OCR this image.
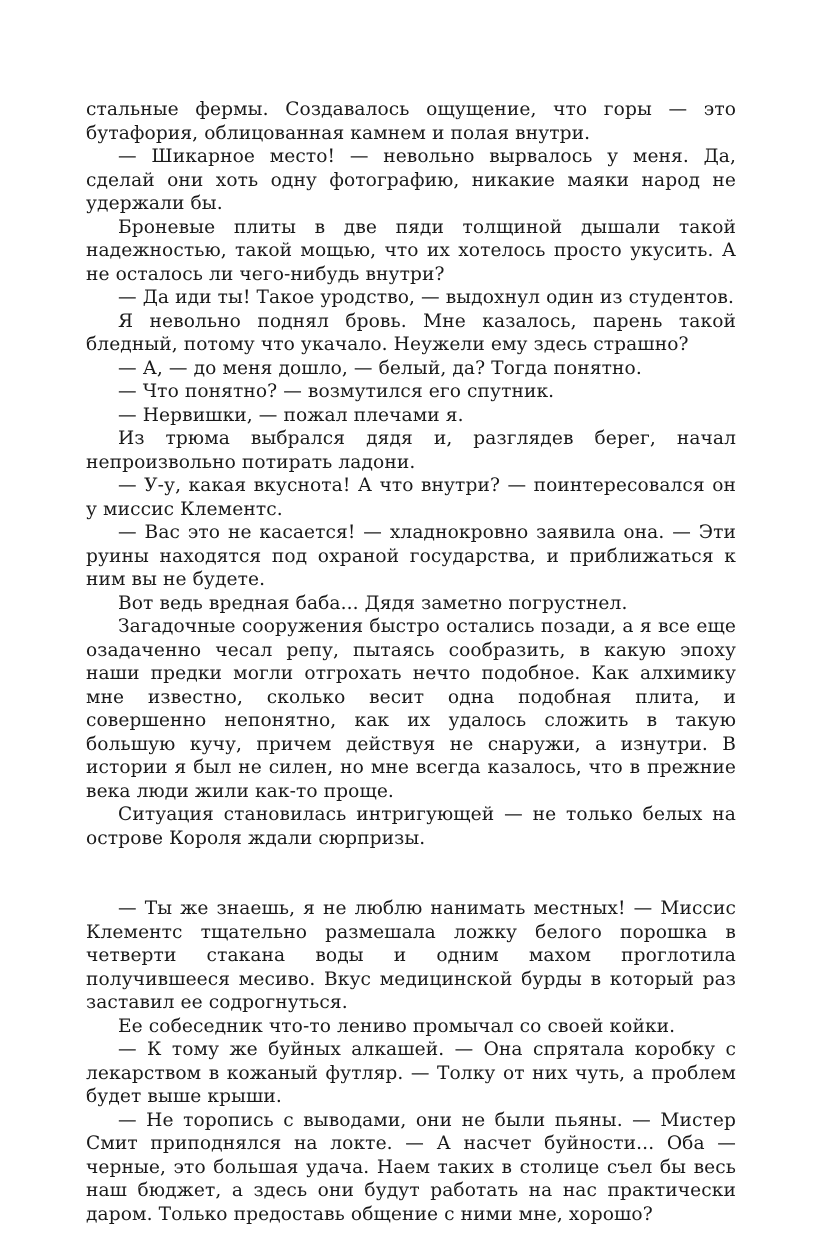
стальные фермы. Создавалось ощущение, что горы — это бутафория, облицованная камнем и полая внутри.

— Шикарное место! — невольно вырвалось у меня. Да, сделай они хоть одну фотографию, никакие маяки народ не удержали бы.

Броневые плиты в две пяди толщиной дышали такой надежностью, такой мощью, что их хотелось просто укусить. А не осталось ли чего-нибудь внутри?

— Да иди ты! Такое уродство, — выдохнул один из студентов.

Я невольно поднял бровь. Мне казалось, парень такой бледный, потому что укачало. Неужели ему здесь страшно?

— А, — до меня дошло, — белый, да? Тогда понятно.

— Что понятно? — возмутился его спутник.

— Нервишки, — пожал плечами я.

Из трюма выбрался дядя и, разглядев берег, начал непроизвольно потирать ладони.

— У-у, какая вкуснота! А что внутри? — поинтересовался он у миссис Клементс.

— Вас это не касается! — хладнокровно заявила она. — Эти руины находятся под охраной государства, и приближаться к ним вы не будете.

Вот ведь вредная баба... Дядя заметно погрустнел.

Загадочные сооружения быстро остались позади, а я все еще озадаченно чесал репу, пытаясь сообразить, в какую эпоху наши предки могли отгрохать нечто подобное. Как алхимику мне известно, сколько весит одна подобная плита, и совершенно непонятно, как их удалось сложить в такую большую кучу, причем действуя не снаружи, а изнутри. В истории я был не силен, но мне всегда казалось, что в прежние века люди жили как-то проще.

Ситуация становилась интригующей — не только белых на острове Короля ждали сюрпризы.

— Ты же знаешь, я не люблю нанимать местных! — Миссис Клементс тщательно размешала ложку белого порошка в четверти стакана воды и одним махом проглотила получившееся месиво. Вкус медицинской бурды в который раз заставил ее содрогнуться.

Ее собеседник что-то лениво промычал со своей койки.

— К тому же буйных алкашей. — Она спрятала коробку с лекарством в кожаный футляр. — Толку от них чуть, а проблем будет выше крыши.

— Не торопись с выводами, они не были пьяны. — Мистер Смит приподнялся на локте. — А насчет буйности... Оба — черные, это большая удача. Наем таких в столице съел бы весь наш бюджет, а здесь они будут работать на нас практически даром. Только предоставь общение с ними мне, хорошо?
